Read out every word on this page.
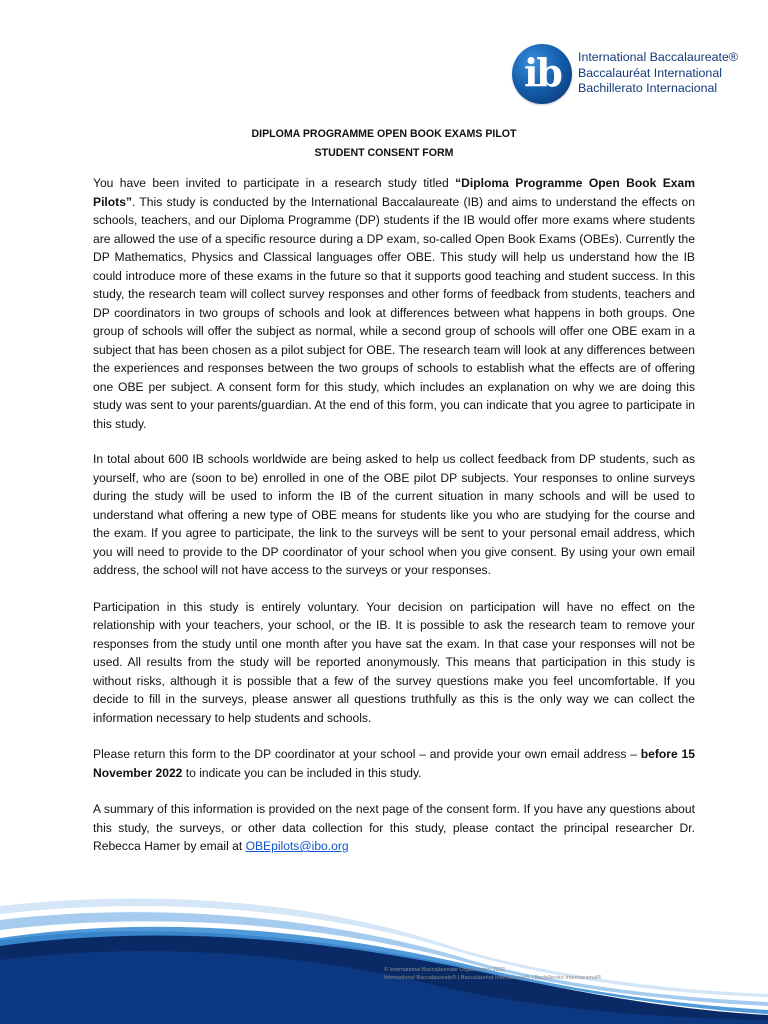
ib International Baccalaureate®
Baccalauréat International
Bachillerato Internacional
DIPLOMA PROGRAMME OPEN BOOK EXAMS PILOT
STUDENT CONSENT FORM

You have been invited to participate in a research study titled “Diploma Programme Open Book Exam Pilots”. This study is conducted by the International Baccalaureate (IB) and aims to understand the effects on schools, teachers, and our Diploma Programme (DP) students if the IB would offer more exams where students are allowed the use of a specific resource during a DP exam, so-called Open Book Exams (OBEs). Currently the DP Mathematics, Physics and Classical languages offer OBE. This study will help us understand how the IB could introduce more of these exams in the future so that it supports good teaching and student success. In this study, the research team will collect survey responses and other forms of feedback from students, teachers and DP coordinators in two groups of schools and look at differences between what happens in both groups. One group of schools will offer the subject as normal, while a second group of schools will offer one OBE exam in a subject that has been chosen as a pilot subject for OBE. The research team will look at any differences between the experiences and responses between the two groups of schools to establish what the effects are of offering one OBE per subject. A consent form for this study, which includes an explanation on why we are doing this study was sent to your parents/guardian. At the end of this form, you can indicate that you agree to participate in this study.

In total about 600 IB schools worldwide are being asked to help us collect feedback from DP students, such as yourself, who are (soon to be) enrolled in one of the OBE pilot DP subjects. Your responses to online surveys during the study will be used to inform the IB of the current situation in many schools and will be used to understand what offering a new type of OBE means for students like you who are studying for the course and the exam. If you agree to participate, the link to the surveys will be sent to your personal email address, which you will need to provide to the DP coordinator of your school when you give consent. By using your own email address, the school will not have access to the surveys or your responses.

Participation in this study is entirely voluntary. Your decision on participation will have no effect on the relationship with your teachers, your school, or the IB. It is possible to ask the research team to remove your responses from the study until one month after you have sat the exam. In that case your responses will not be used. All results from the study will be reported anonymously. This means that participation in this study is without risks, although it is possible that a few of the survey questions make you feel uncomfortable. If you decide to fill in the surveys, please answer all questions truthfully as this is the only way we can collect the information necessary to help students and schools.

Please return this form to the DP coordinator at your school – and provide your own email address – before 15 November 2022 to indicate you can be included in this study.

A summary of this information is provided on the next page of the consent form. If you have any questions about this study, the surveys, or other data collection for this study, please contact the principal researcher Dr. Rebecca Hamer by email at OBEpilots@ibo.org

© International Baccalaureate Organization 2022
International Baccalaureate® | Baccalauréat International® | Bachillerato Internacional®
